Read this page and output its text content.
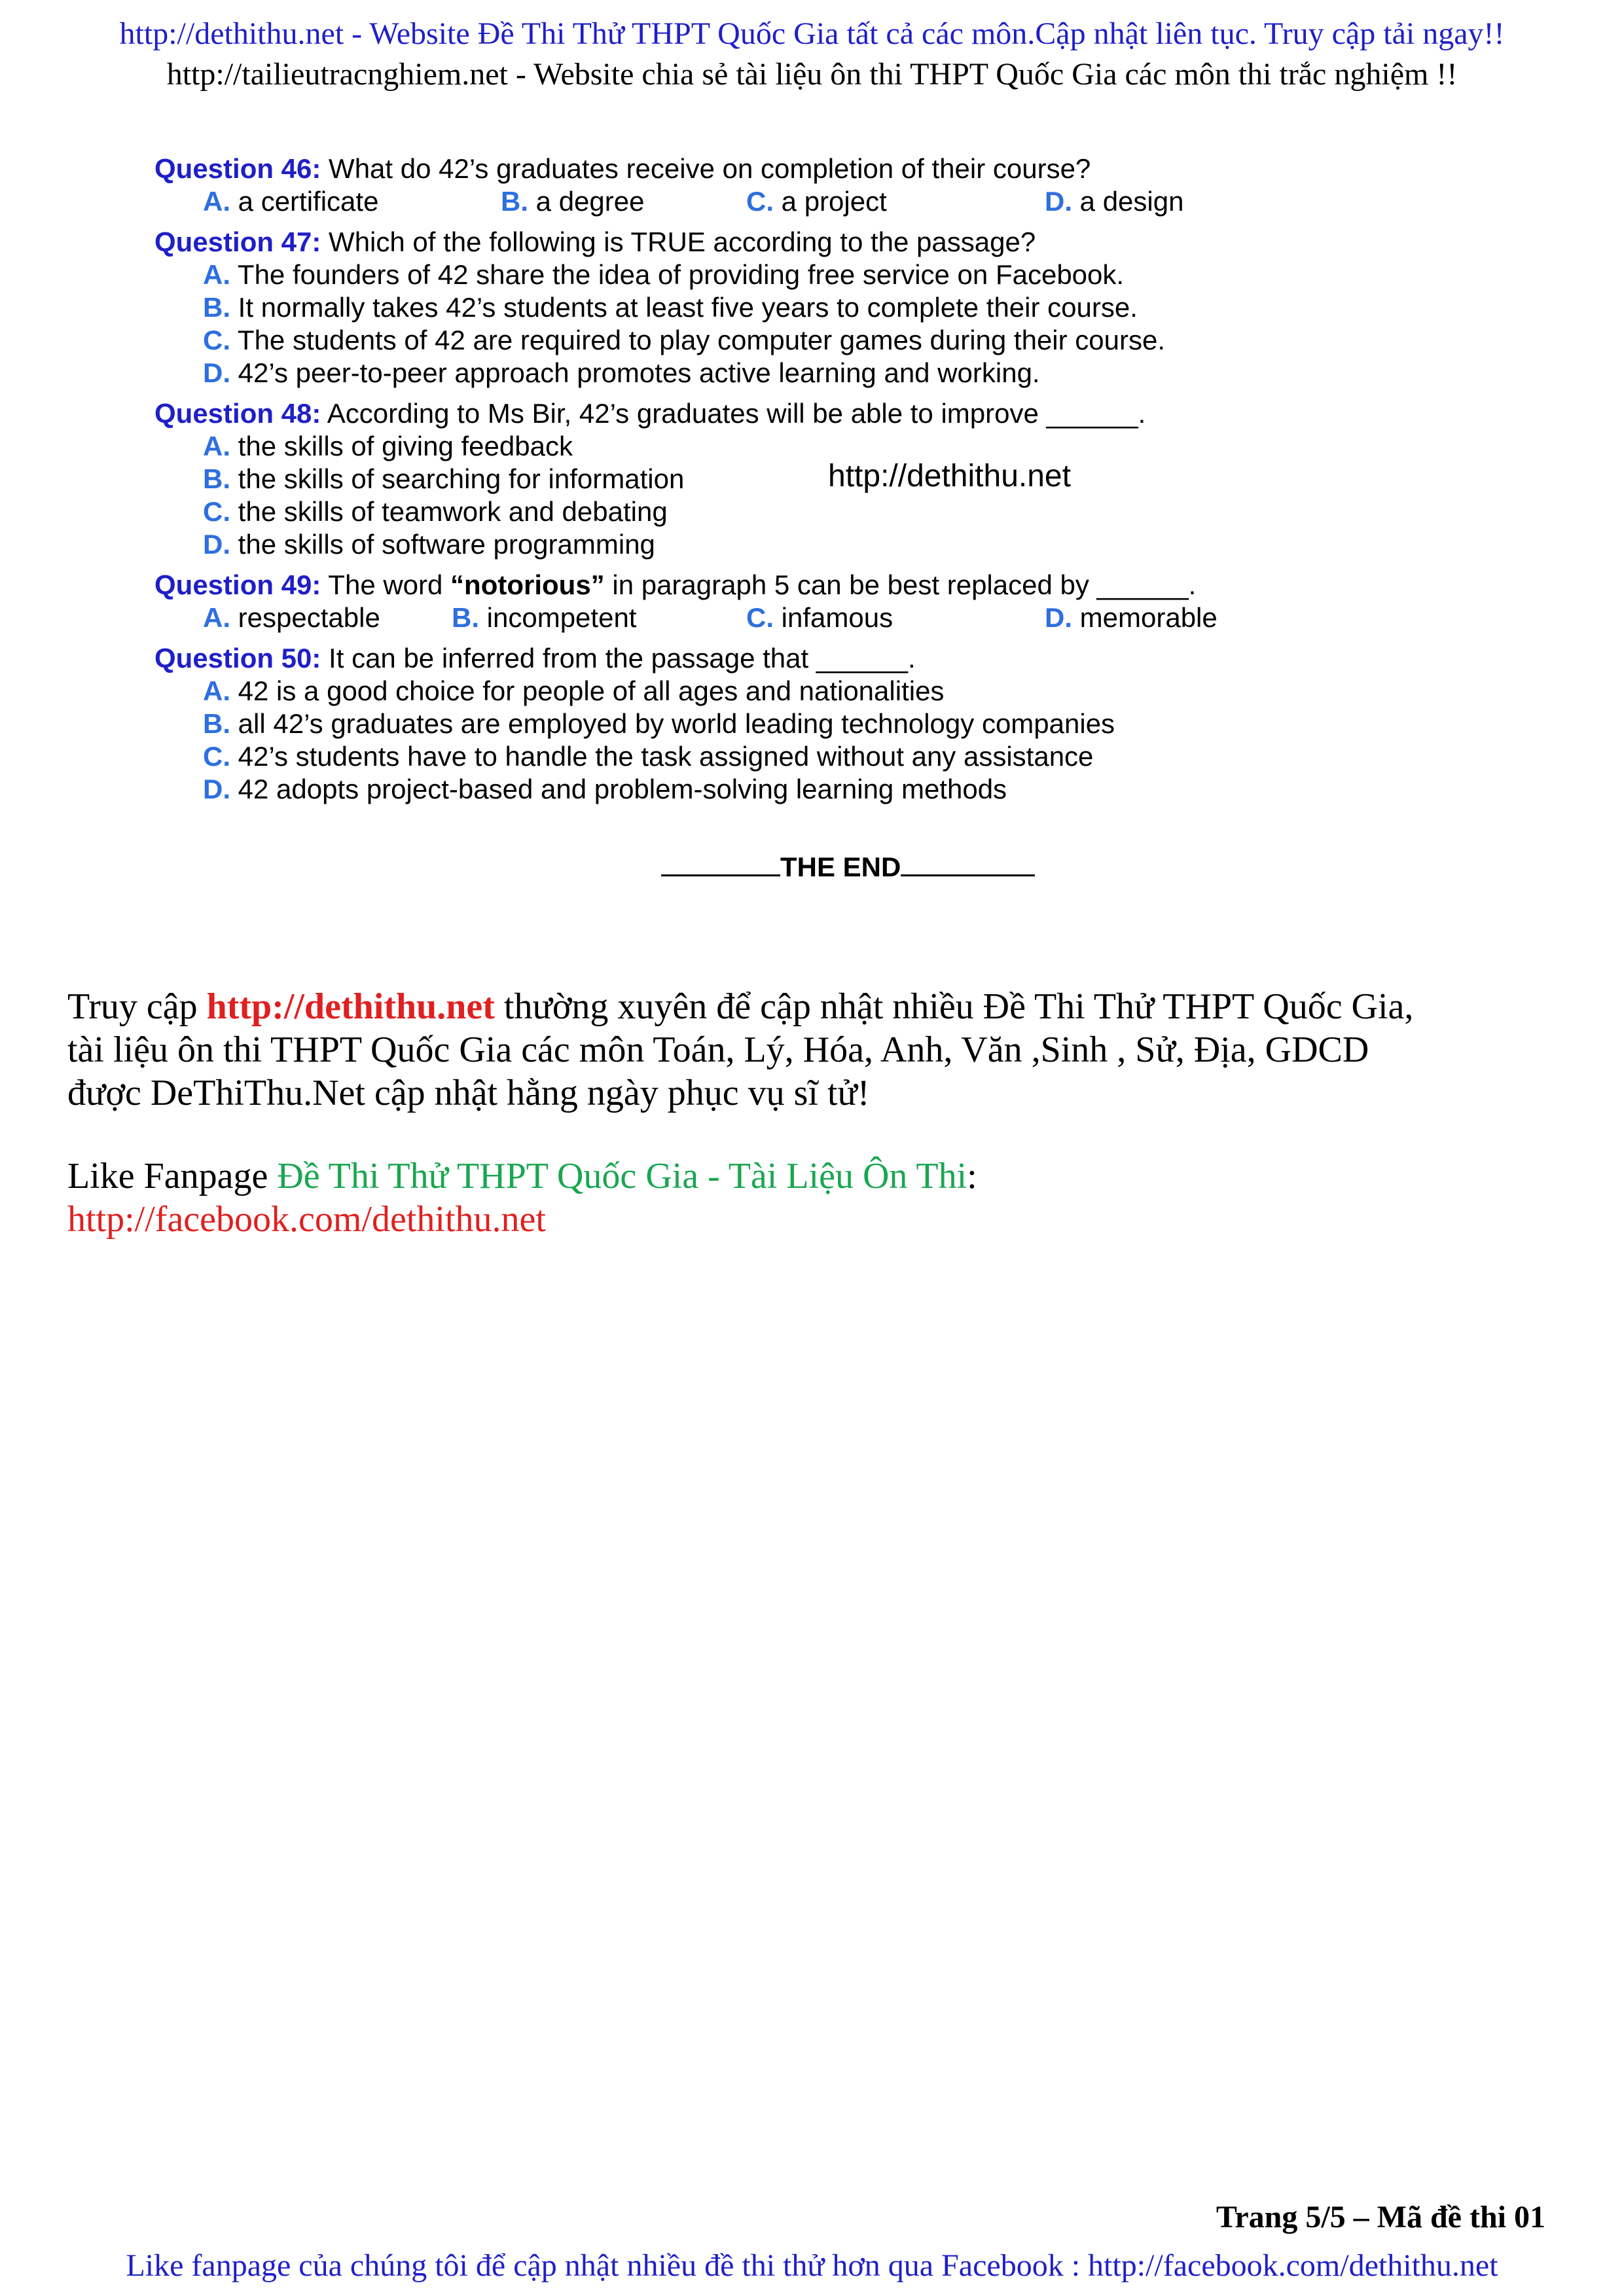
http://dethithu.net - Website Đề Thi Thử THPT Quốc Gia tất cả các môn.Cập nhật liên tục. Truy cập tải ngay!!
http://tailieutracnghiem.net - Website chia sẻ tài liệu ôn thi THPT Quốc Gia các môn thi trắc nghiệm !!
Question 46: What do 42’s graduates receive on completion of their course?
A. a certificate	B. a degree	C. a project	D. a design
Question 47: Which of the following is TRUE according to the passage?
A. The founders of 42 share the idea of providing free service on Facebook.
B. It normally takes 42’s students at least five years to complete their course.
C. The students of 42 are required to play computer games during their course.
D. 42’s peer-to-peer approach promotes active learning and working.
Question 48: According to Ms Bir, 42’s graduates will be able to improve ______.
A. the skills of giving feedback
B. the skills of searching for information
C. the skills of teamwork and debating
D. the skills of software programming
Question 49: The word “notorious” in paragraph 5 can be best replaced by ______.
A. respectable	B. incompetent	C. infamous	D. memorable
Question 50: It can be inferred from the passage that ______.
A. 42 is a good choice for people of all ages and nationalities
B. all 42’s graduates are employed by world leading technology companies
C. 42’s students have to handle the task assigned without any assistance
D. 42 adopts project-based and problem-solving learning methods
http://dethithu.net
THE END
Truy cập http://dethithu.net thường xuyên để cập nhật nhiều Đề Thi Thử THPT Quốc Gia,
tài liệu ôn thi THPT Quốc Gia các môn Toán, Lý, Hóa, Anh, Văn ,Sinh , Sử, Địa, GDCD
được DeThiThu.Net cập nhật hằng ngày phục vụ sĩ tử!
Like Fanpage Đề Thi Thử THPT Quốc Gia - Tài Liệu Ôn Thi:
http://facebook.com/dethithu.net
Trang 5/5 – Mã đề thi 01
Like fanpage của chúng tôi để cập nhật nhiều đề thi thử hơn qua Facebook : http://facebook.com/dethithu.net
